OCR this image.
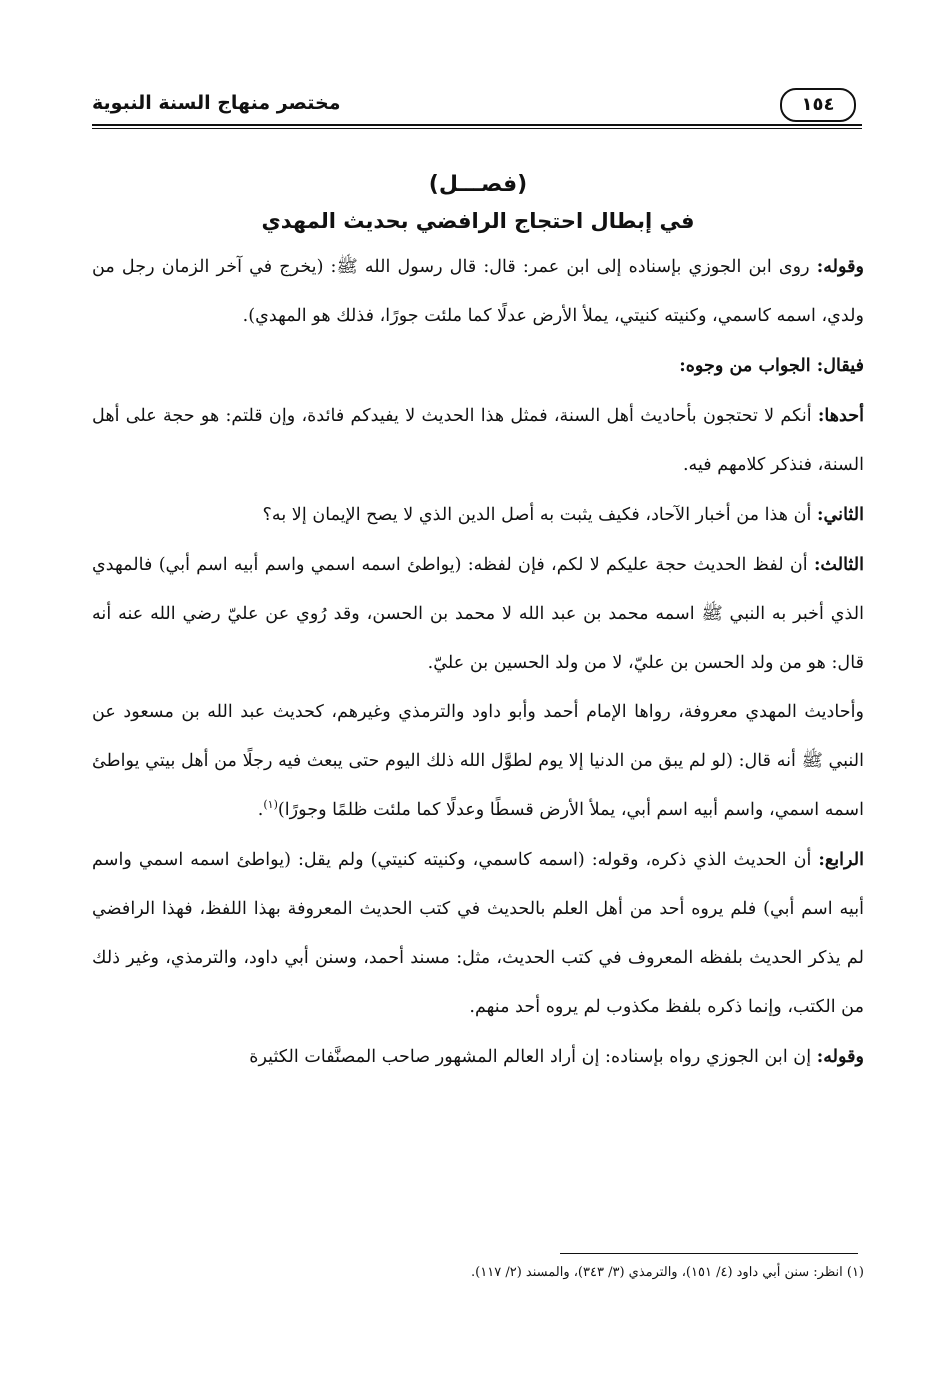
مختصر منهاج السنة النبوية	١٥٤
(فصـــل)
في إبطال احتجاج الرافضي بحديث المهدي

وقوله: روى ابن الجوزي بإسناده إلى ابن عمر: قال: قال رسول الله ﷺ: (يخرج في آخر الزمان رجل من ولدي، اسمه كاسمي، وكنيته كنيتي، يملأ الأرض عدلًا كما ملئت جورًا، فذلك هو المهدي).

فيقال: الجواب من وجوه:

أحدها: أنكم لا تحتجون بأحاديث أهل السنة، فمثل هذا الحديث لا يفيدكم فائدة، وإن قلتم: هو حجة على أهل السنة، فنذكر كلامهم فيه.

الثاني: أن هذا من أخبار الآحاد، فكيف يثبت به أصل الدين الذي لا يصح الإيمان إلا به؟

الثالث: أن لفظ الحديث حجة عليكم لا لكم، فإن لفظه: (يواطئ اسمه اسمي واسم أبيه اسم أبي) فالمهدي الذي أخبر به النبي ﷺ اسمه محمد بن عبد الله لا محمد بن الحسن، وقد رُوي عن عليّ رضي الله عنه أنه قال: هو من ولد الحسن بن عليّ، لا من ولد الحسين بن عليّ.

وأحاديث المهدي معروفة، رواها الإمام أحمد وأبو داود والترمذي وغيرهم، كحديث عبد الله بن مسعود عن النبي ﷺ أنه قال: (لو لم يبق من الدنيا إلا يوم لطوَّل الله ذلك اليوم حتى يبعث فيه رجلًا من أهل بيتي يواطئ اسمه اسمي، واسم أبيه اسم أبي، يملأ الأرض قسطًا وعدلًا كما ملئت ظلمًا وجورًا)$^{(١)}$.

الرابع: أن الحديث الذي ذكره، وقوله: (اسمه كاسمي، وكنيته كنيتي) ولم يقل: (يواطئ اسمه اسمي واسم أبيه اسم أبي) فلم يروه أحد من أهل العلم بالحديث في كتب الحديث المعروفة بهذا اللفظ، فهذا الرافضي لم يذكر الحديث بلفظه المعروف في كتب الحديث، مثل: مسند أحمد، وسنن أبي داود، والترمذي، وغير ذلك من الكتب، وإنما ذكره بلفظ مكذوب لم يروه أحد منهم.

وقوله: إن ابن الجوزي رواه بإسناده: إن أراد العالم المشهور صاحب المصنَّفات الكثيرة

(١) انظر: سنن أبي داود (٤/ ١٥١)، والترمذي (٣/ ٣٤٣)، والمسند (٢/ ١١٧).
